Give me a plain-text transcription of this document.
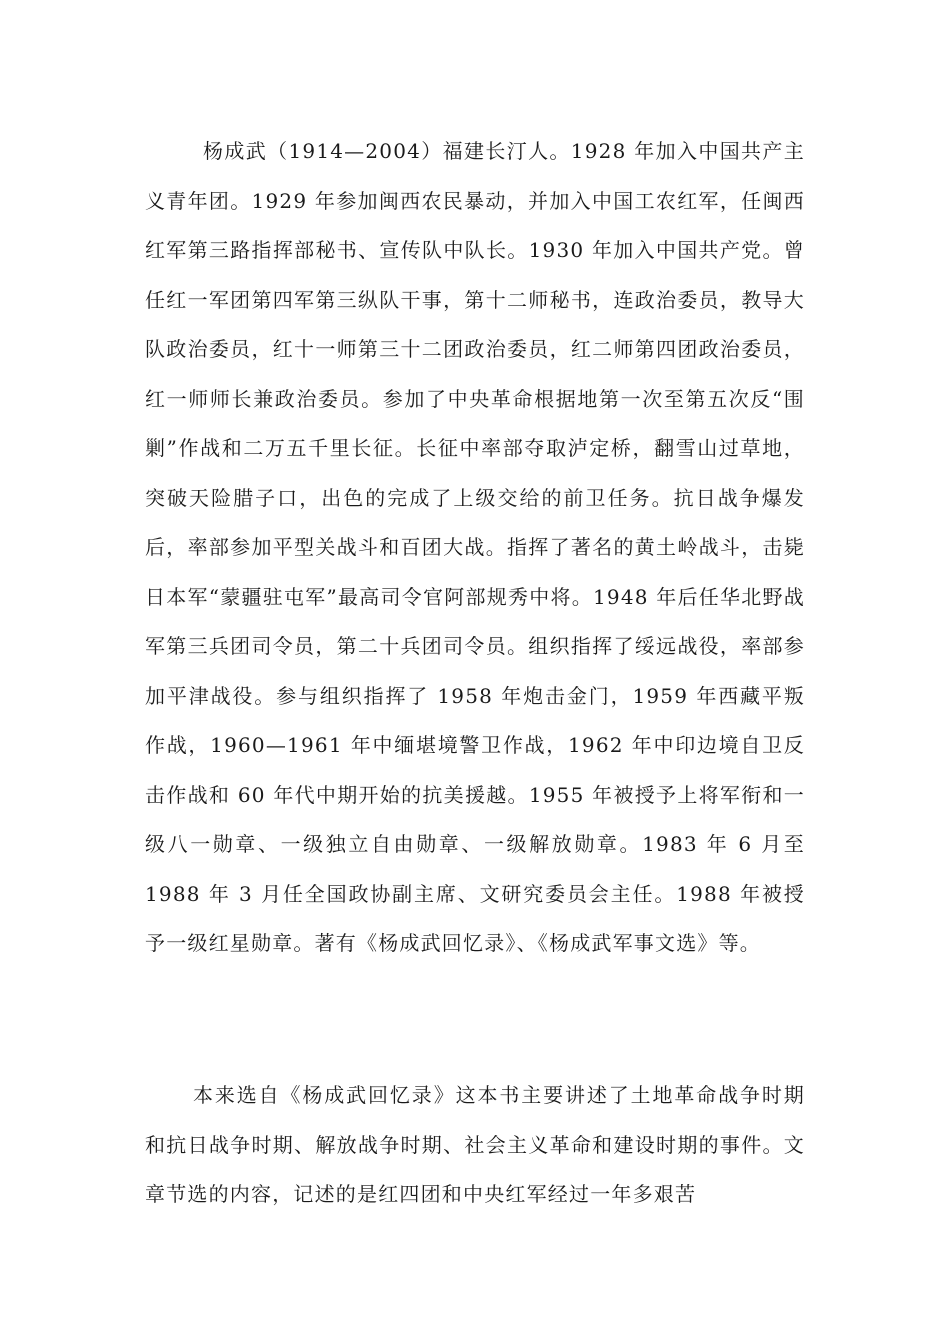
杨成武（1914—2004）福建长汀人。1928 年加入中国共产主义青年团。1929 年参加闽西农民暴动，并加入中国工农红军，任闽西红军第三路指挥部秘书、宣传队中队长。1930 年加入中国共产党。曾任红一军团第四军第三纵队干事，第十二师秘书，连政治委员，教导大队政治委员，红十一师第三十二团政治委员，红二师第四团政治委员，红一师师长兼政治委员。参加了中央革命根据地第一次至第五次反“围剿”作战和二万五千里长征。长征中率部夺取泸定桥，翻雪山过草地，突破天险腊子口，出色的完成了上级交给的前卫任务。抗日战争爆发后，率部参加平型关战斗和百团大战。指挥了著名的黄土岭战斗，击毙日本军“蒙疆驻屯军”最高司令官阿部规秀中将。1948 年后任华北野战军第三兵团司令员，第二十兵团司令员。组织指挥了绥远战役，率部参加平津战役。参与组织指挥了 1958 年炮击金门，1959 年西藏平叛作战，1960—1961 年中缅堪境警卫作战，1962 年中印边境自卫反击作战和 60 年代中期开始的抗美援越。1955 年被授予上将军衔和一级八一勋章、一级独立自由勋章、一级解放勋章。1983 年 6 月至 1988 年 3 月任全国政协副主席、文研究委员会主任。1988 年被授予一级红星勋章。著有《杨成武回忆录》、《杨成武军事文选》等。

本来选自《杨成武回忆录》这本书主要讲述了土地革命战争时期和抗日战争时期、解放战争时期、社会主义革命和建设时期的事件。文章节选的内容，记述的是红四团和中央红军经过一年多艰苦
